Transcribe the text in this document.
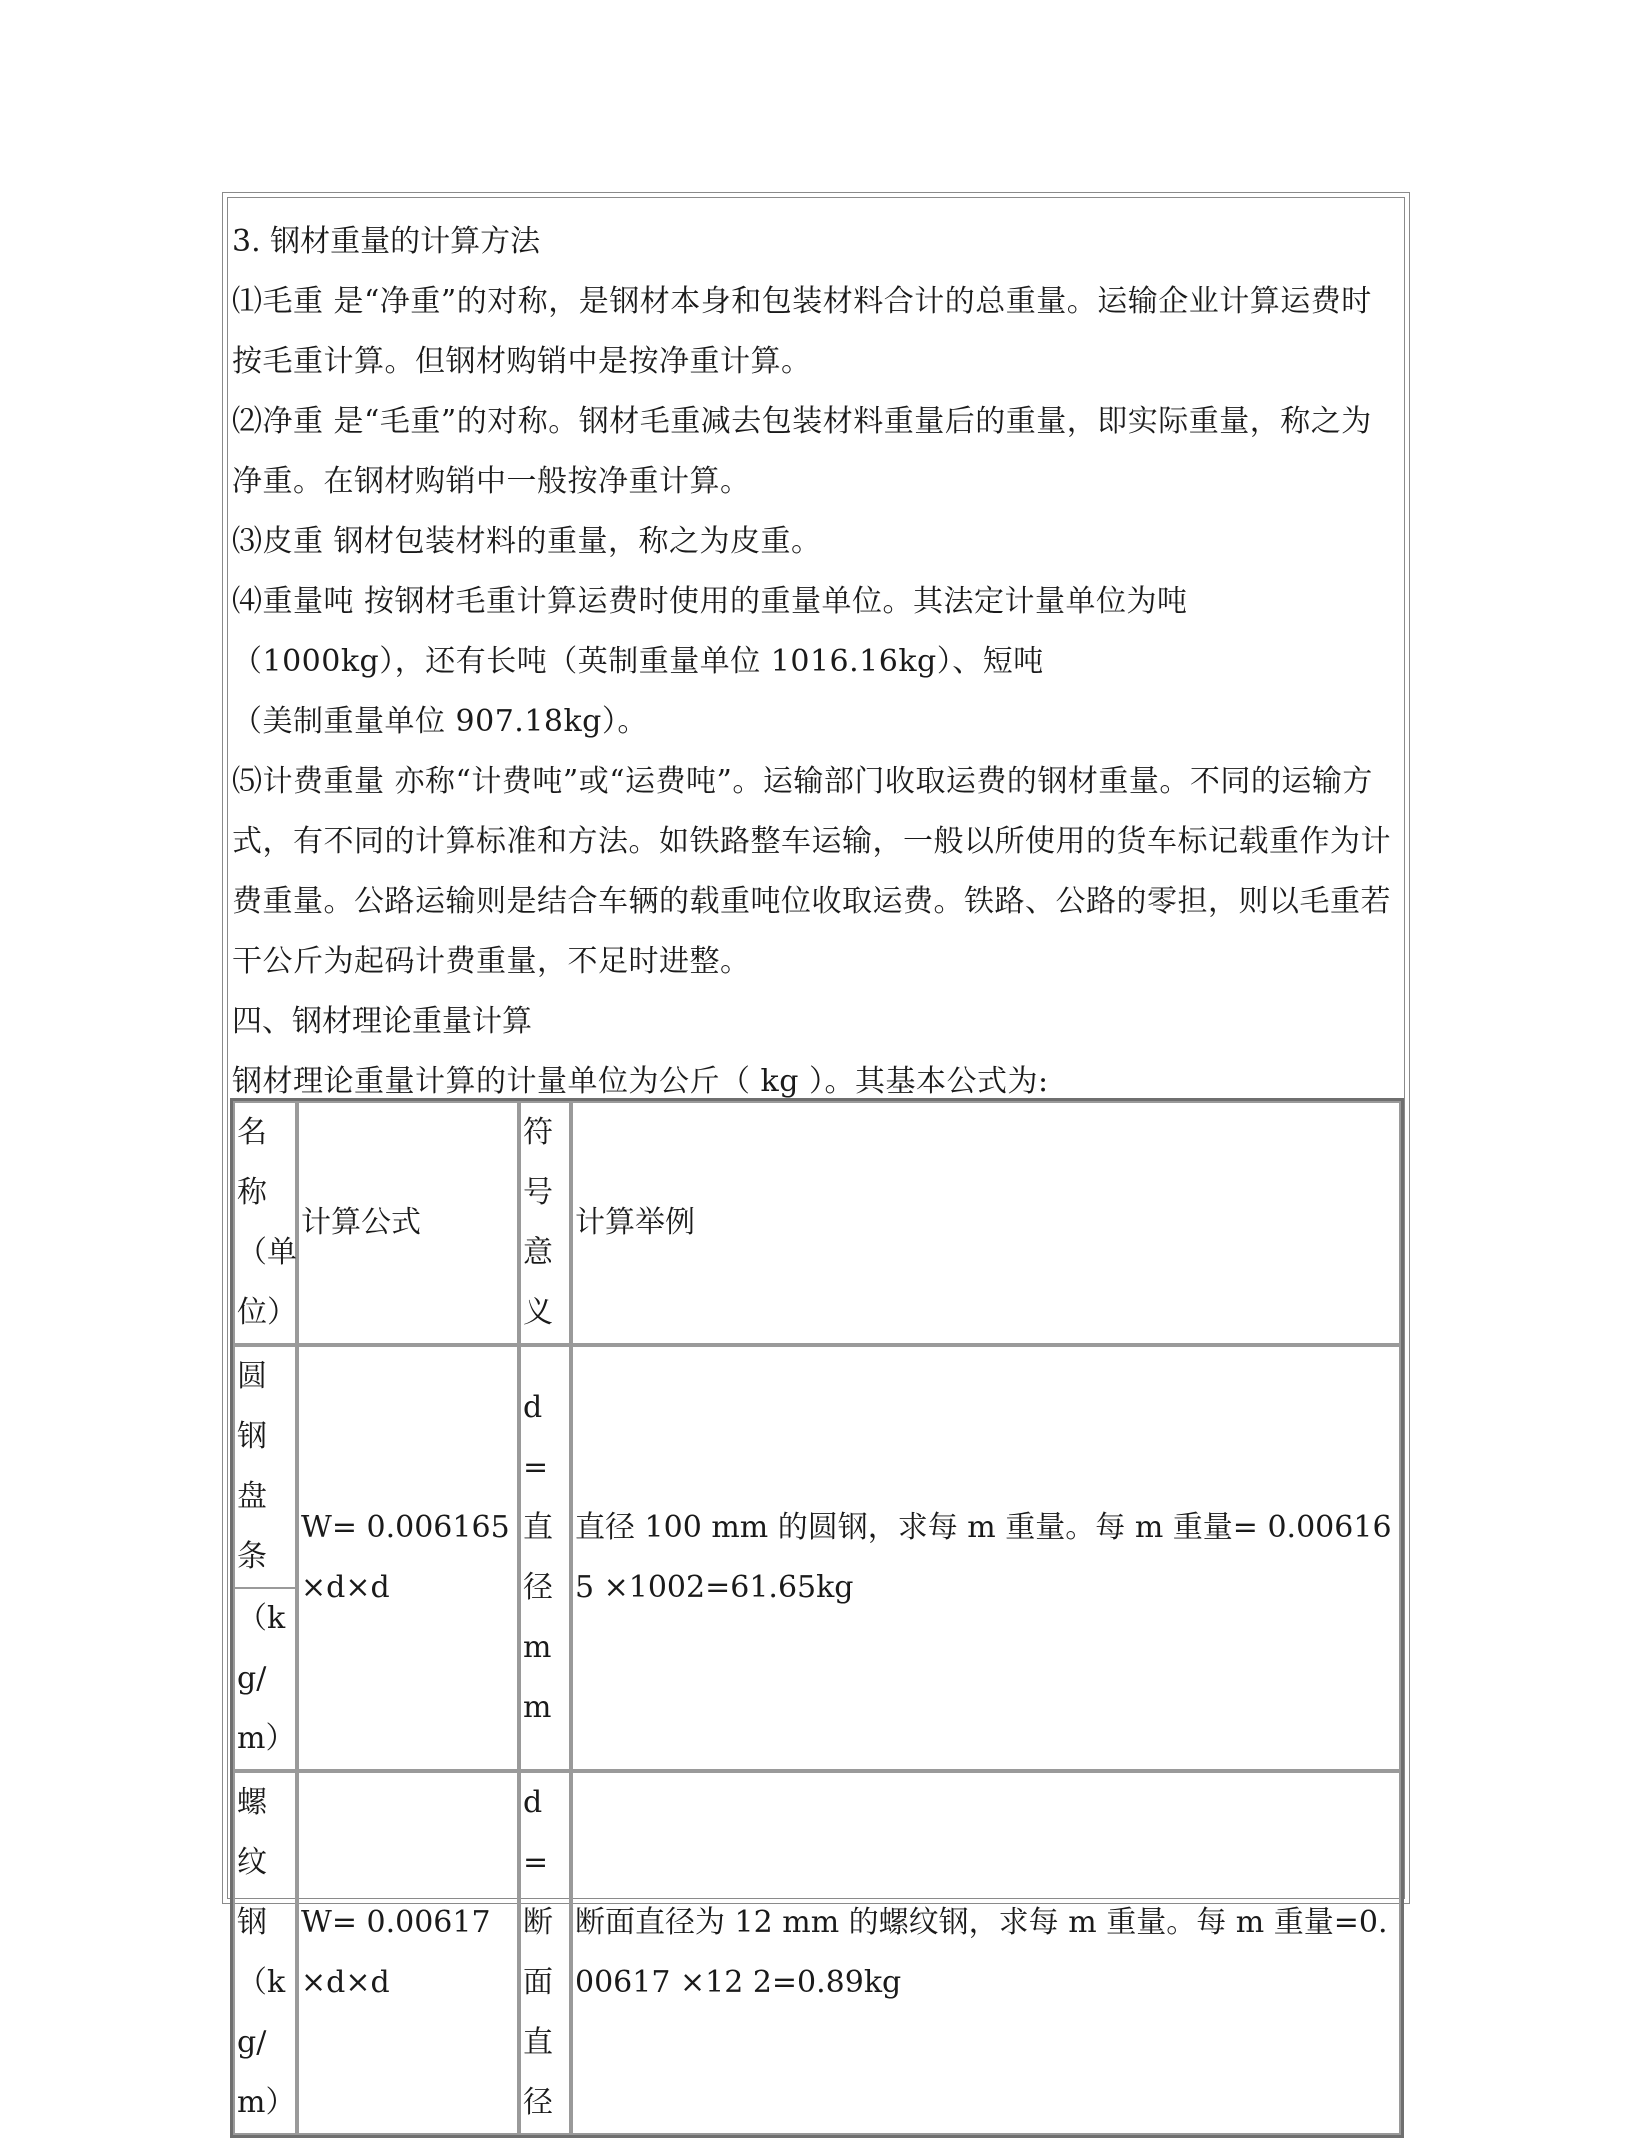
3. 钢材重量的计算方法

⑴毛重 是“净重”的对称，是钢材本身和包装材料合计的总重量。运输企业计算运费时按毛重计算。但钢材购销中是按净重计算。

⑵净重 是“毛重”的对称。钢材毛重减去包装材料重量后的重量，即实际重量，称之为净重。在钢材购销中一般按净重计算。

⑶皮重 钢材包装材料的重量，称之为皮重。

⑷重量吨 按钢材毛重计算运费时使用的重量单位。其法定计量单位为吨

（1000kg），还有长吨（英制重量单位 1016.16kg）、短吨

（美制重量单位 907.18kg）。

⑸计费重量 亦称“计费吨”或“运费吨”。运输部门收取运费的钢材重量。不同的运输方式，有不同的计算标准和方法。如铁路整车运输，一般以所使用的货车标记载重作为计费重量。公路运输则是结合车辆的载重吨位收取运费。铁路、公路的零担，则以毛重若干公斤为起码计费重量，不足时进整。

四、钢材理论重量计算

钢材理论重量计算的计量单位为公斤（ kg ）。其基本公式为:

名称（单位）	计算公式	符号意义	计算举例

圆钢盘条
（kg/m）	W= 0.006165 ×d×d	d = 直径mm	直径 100 mm 的圆钢，求每 m 重量。每 m 重量= 0.006165 ×1002=61.65kg
螺纹钢（kg/m）	W= 0.00617 ×d×d	d= 断面直径	断面直径为 12 mm 的螺纹钢，求每 m 重量。每 m 重量=0.00617 ×12 2=0.89kg
